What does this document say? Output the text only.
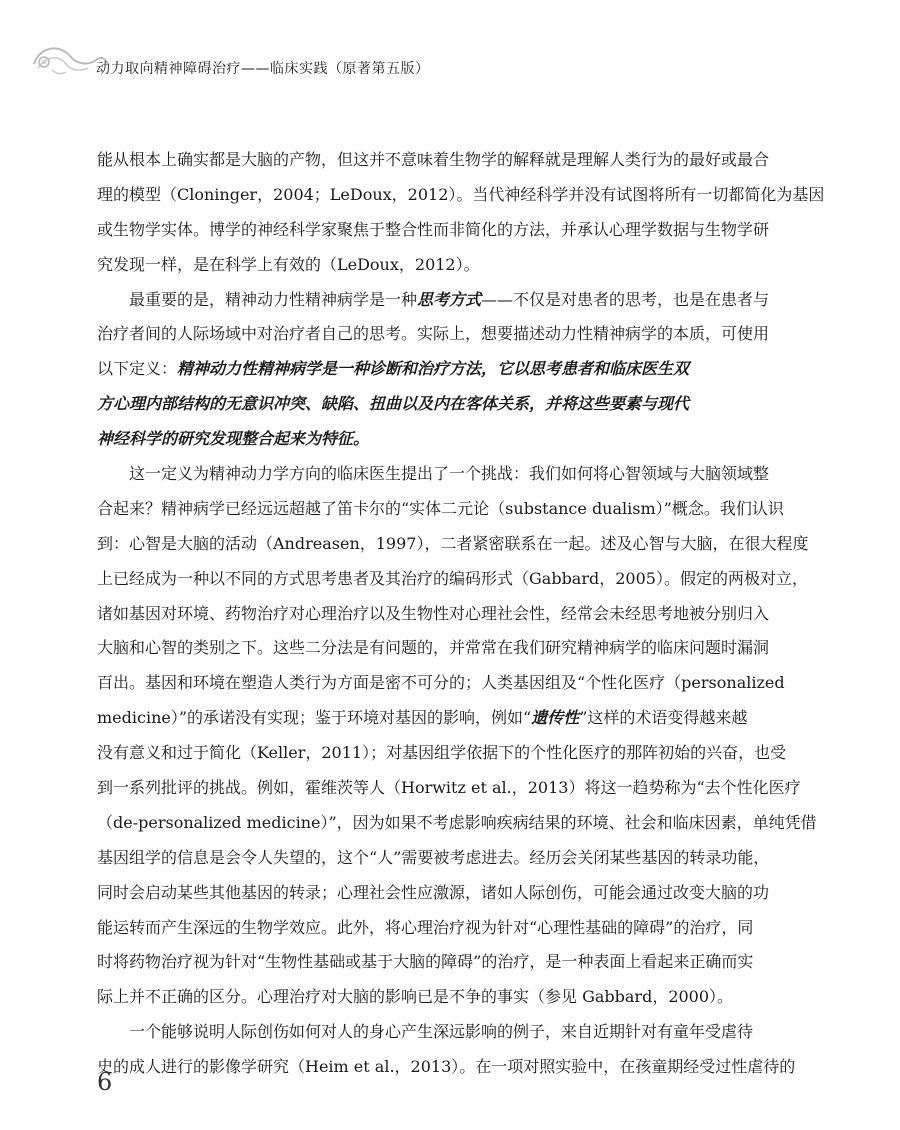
动力取向精神障碍治疗——临床实践（原著第五版）

能从根本上确实都是大脑的产物，但这并不意味着生物学的解释就是理解人类行为的最好或最合

理的模型（Cloninger，2004；LeDoux，2012）。当代神经科学并没有试图将所有一切都简化为基因

或生物学实体。博学的神经科学家聚焦于整合性而非简化的方法，并承认心理学数据与生物学研

究发现一样，是在科学上有效的（LeDoux，2012）。

最重要的是，精神动力性精神病学是一种思考方式——不仅是对患者的思考，也是在患者与

治疗者间的人际场域中对治疗者自己的思考。实际上，想要描述动力性精神病学的本质，可使用

以下定义：精神动力性精神病学是一种诊断和治疗方法，它以思考患者和临床医生双

方心理内部结构的无意识冲突、缺陷、扭曲以及内在客体关系，并将这些要素与现代

神经科学的研究发现整合起来为特征。

这一定义为精神动力学方向的临床医生提出了一个挑战：我们如何将心智领域与大脑领域整

合起来？精神病学已经远远超越了笛卡尔的“实体二元论（substance dualism）”概念。我们认识

到：心智是大脑的活动（Andreasen，1997），二者紧密联系在一起。述及心智与大脑，在很大程度

上已经成为一种以不同的方式思考患者及其治疗的编码形式（Gabbard，2005）。假定的两极对立，

诸如基因对环境、药物治疗对心理治疗以及生物性对心理社会性，经常会未经思考地被分别归入

大脑和心智的类别之下。这些二分法是有问题的，并常常在我们研究精神病学的临床问题时漏洞

百出。基因和环境在塑造人类行为方面是密不可分的；人类基因组及“个性化医疗（personalized

medicine）”的承诺没有实现；鉴于环境对基因的影响，例如“遗传性”这样的术语变得越来越

没有意义和过于简化（Keller，2011）；对基因组学依据下的个性化医疗的那阵初始的兴奋，也受

到一系列批评的挑战。例如，霍维茨等人（Horwitz et al.，2013）将这一趋势称为“去个性化医疗

（de-personalized medicine）”，因为如果不考虑影响疾病结果的环境、社会和临床因素，单纯凭借

基因组学的信息是会令人失望的，这个“人”需要被考虑进去。经历会关闭某些基因的转录功能，

同时会启动某些其他基因的转录；心理社会性应激源，诸如人际创伤，可能会通过改变大脑的功

能运转而产生深远的生物学效应。此外，将心理治疗视为针对“心理性基础的障碍”的治疗，同

时将药物治疗视为针对“生物性基础或基于大脑的障碍”的治疗，是一种表面上看起来正确而实

际上并不正确的区分。心理治疗对大脑的影响已是不争的事实（参见 Gabbard，2000）。

一个能够说明人际创伤如何对人的身心产生深远影响的例子，来自近期针对有童年受虐待

史的成人进行的影像学研究（Heim et al.，2013）。在一项对照实验中，在孩童期经受过性虐待的

6
